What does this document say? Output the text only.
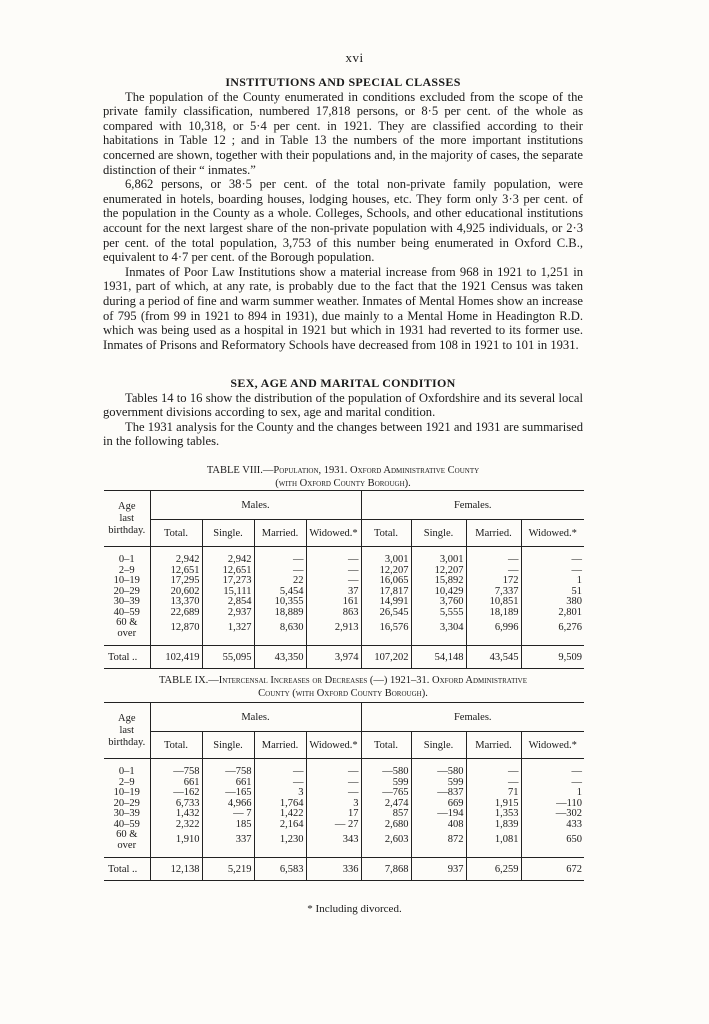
xvi

INSTITUTIONS AND SPECIAL CLASSES

The population of the County enumerated in conditions excluded from the scope of the private family classification, numbered 17,818 persons, or 8·5 per cent. of the whole as compared with 10,318, or 5·4 per cent. in 1921. They are classified according to their habitations in Table 12 ; and in Table 13 the numbers of the more important institutions concerned are shown, together with their populations and, in the majority of cases, the separate distinction of their “ inmates.”

6,862 persons, or 38·5 per cent. of the total non-private family population, were enumerated in hotels, boarding houses, lodging houses, etc. They form only 3·3 per cent. of the population in the County as a whole. Colleges, Schools, and other educational institutions account for the next largest share of the non-private population with 4,925 individuals, or 2·3 per cent. of the total population, 3,753 of this number being enumerated in Oxford C.B., equivalent to 4·7 per cent. of the Borough population.

Inmates of Poor Law Institutions show a material increase from 968 in 1921 to 1,251 in 1931, part of which, at any rate, is probably due to the fact that the 1921 Census was taken during a period of fine and warm summer weather. Inmates of Mental Homes show an increase of 795 (from 99 in 1921 to 894 in 1931), due mainly to a Mental Home in Headington R.D. which was being used as a hospital in 1921 but which in 1931 had reverted to its former use. Inmates of Prisons and Reformatory Schools have decreased from 108 in 1921 to 101 in 1931.

SEX, AGE AND MARITAL CONDITION

Tables 14 to 16 show the distribution of the population of Oxfordshire and its several local government divisions according to sex, age and marital condition.

The 1931 analysis for the County and the changes between 1921 and 1931 are summarised in the following tables.

TABLE VIII.—Population, 1931. Oxford Administrative County
(with Oxford County Borough).
Age
last
birthday.	Males.				Females.			
	Total.	Single.	Married.	Widowed.*	Total.	Single.	Married.	Widowed.*

0–1	2,942	2,942	—	—	3,001	3,001	—	—
2–9	12,651	12,651	—	—	12,207	12,207	—	—
10–19	17,295	17,273	22	—	16,065	15,892	172	1
20–29	20,602	15,111	5,454	37	17,817	10,429	7,337	51
30–39	13,370	2,854	10,355	161	14,991	3,760	10,851	380
40–59	22,689	2,937	18,889	863	26,545	5,555	18,189	2,801
60 & over	12,870	1,327	8,630	2,913	16,576	3,304	6,996	6,276

Total ..	102,419	55,095	43,350	3,974	107,202	54,148	43,545	9,509
TABLE IX.—Intercensal Increases or Decreases (—) 1921–31. Oxford Administrative
County (with Oxford County Borough).
Age
last
birthday.	Males.				Females.			
	Total.	Single.	Married.	Widowed.*	Total.	Single.	Married.	Widowed.*

0–1	—758	—758	—	—	—580	—580	—	—
2–9	661	661	—	—	599	599	—	—
10–19	—162	—165	3	—	—765	—837	71	1
20–29	6,733	4,966	1,764	3	2,474	669	1,915	—110
30–39	1,432	— 7	1,422	17	857	—194	1,353	—302
40–59	2,322	185	2,164	— 27	2,680	408	1,839	433
60 & over	1,910	337	1,230	343	2,603	872	1,081	650

Total ..	12,138	5,219	6,583	336	7,868	937	6,259	672
* Including divorced.
